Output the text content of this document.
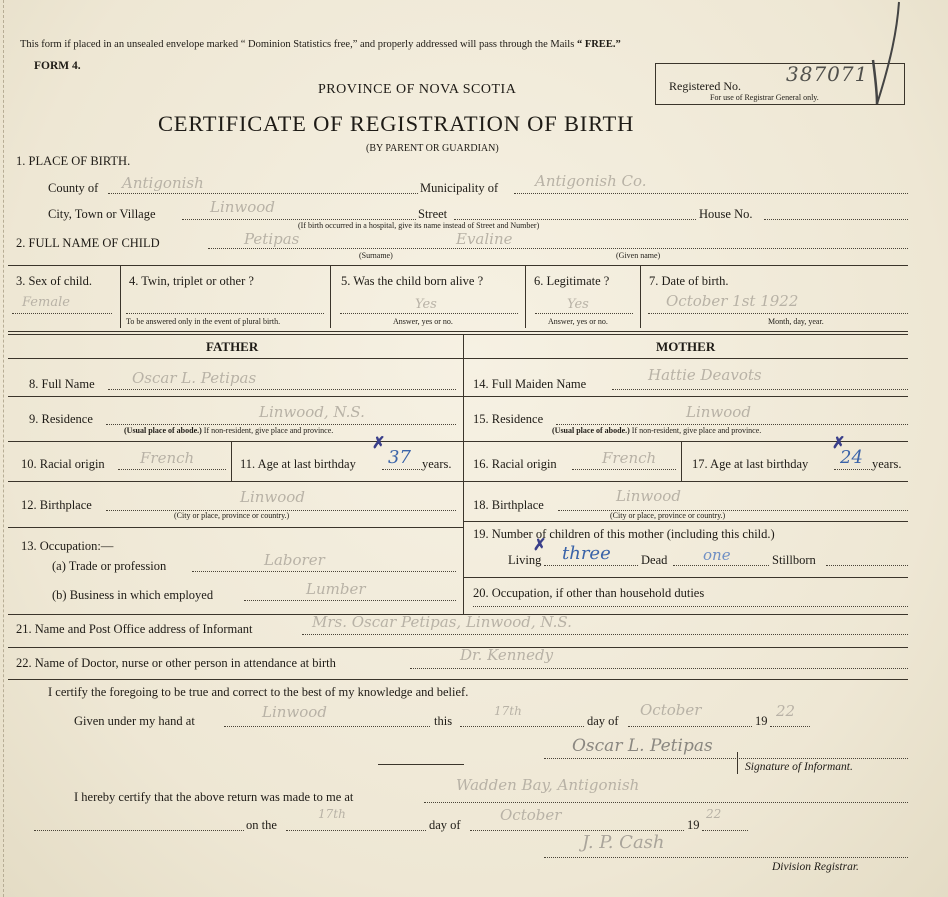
This form if placed in an unsealed envelope marked “ Dominion Statistics free,” and properly addressed will pass through the Mails “ FREE.”
FORM 4.
PROVINCE OF NOVA SCOTIA	Registered No. 387071
For use of Registrar General only.
CERTIFICATE OF REGISTRATION OF BIRTH
(BY PARENT OR GUARDIAN)
1. PLACE OF BIRTH.
County of Antigonish	Municipality of Antigonish Co.
City, Town or Village	Linwood	Street	House No.
(If birth occurred in a hospital, give its name instead of Street and Number)
2. FULL NAME OF CHILD	Petipas	Evaline
(Surname)	(Given name)
3. Sex of child.
Female
4. Twin, triplet or other ?
To be answered only in the event of plural birth.
5. Was the child born alive ?
Yes
Answer, yes or no.
6. Legitimate ?
Yes
Answer, yes or no.
7. Date of birth.
October 1st 1922
Month, day, year.
FATHER	MOTHER
8. Full Name Oscar L. Petipas
9. Residence	Linwood, N.S.
(Usual place of abode.) If non-resident, give place and province.
10. Racial origin French	11. Age at last birthday 37
✗
years.
12. Birthplace	Linwood
(City or place, province or country.)
13. Occupation:—
(a) Trade or profession	Laborer
(b) Business in which employed	Lumber
14. Full Maiden Name	Hattie Deavots
15. Residence	Linwood
(Usual place of abode.) If non-resident, give place and province.
16. Racial origin	French	17. Age at last birthday 24
✗
years.
18. Birthplace	Linwood
(City or place, province or country.)
19. Number of children of this mother (including this child.)
Living
✗ three Dead one	Stillborn
20. Occupation, if other than household duties
21. Name and Post Office address of Informant	Mrs. Oscar Petipas, Linwood, N.S.
22. Name of Doctor, nurse or other person in attendance at birth	Dr. Kennedy
I certify the foregoing to be true and correct to the best of my knowledge and belief.
Given under my hand at	Linwood	this
17th
day of
October
19
22
Oscar L. Petipas
Signature of Informant.
I hereby certify that the above return was made to me at
Wadden Bay, Antigonish
on the
17th
day of
October
19
22
J. P. Cash
Division Registrar.
